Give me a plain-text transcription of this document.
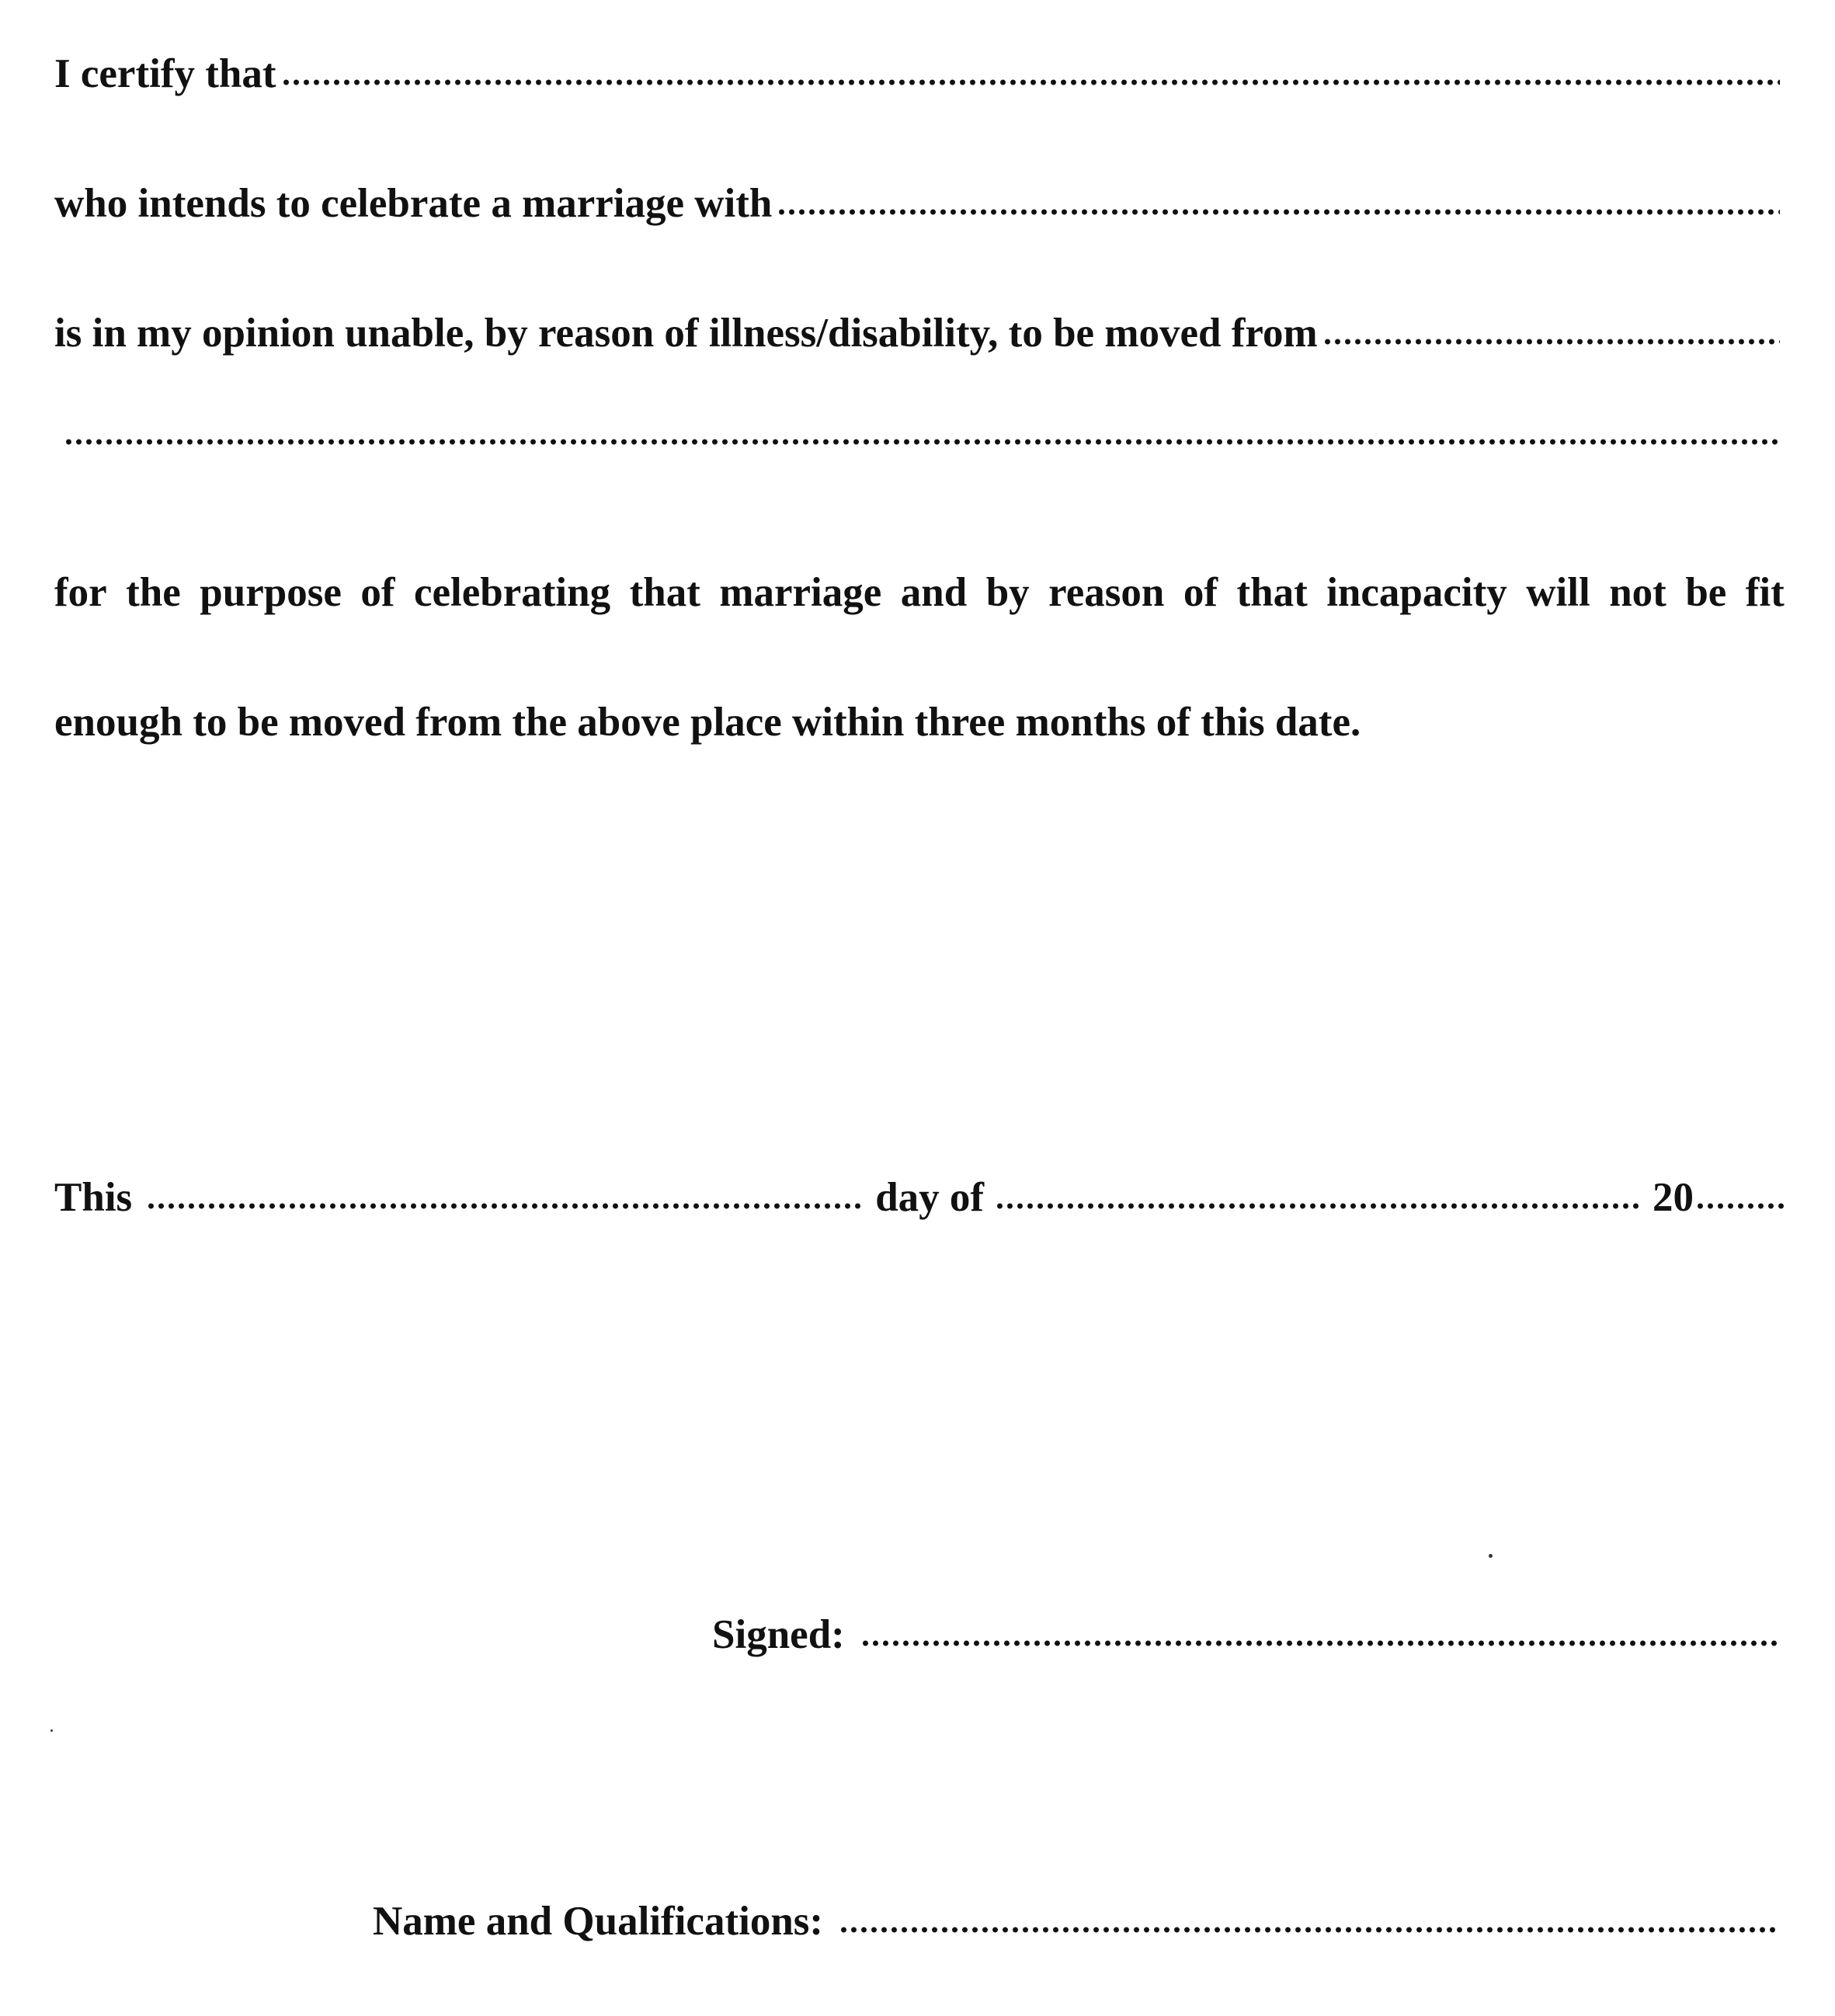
I certify that
who intends to celebrate a marriage with
is in my opinion unable, by reason of illness/disability, to be moved from
for the purpose of celebrating that marriage and by reason of that incapacity will not be fit
enough to be moved from the above place within three months of this date.
This	day of	20
Signed:
Name and Qualifications:
